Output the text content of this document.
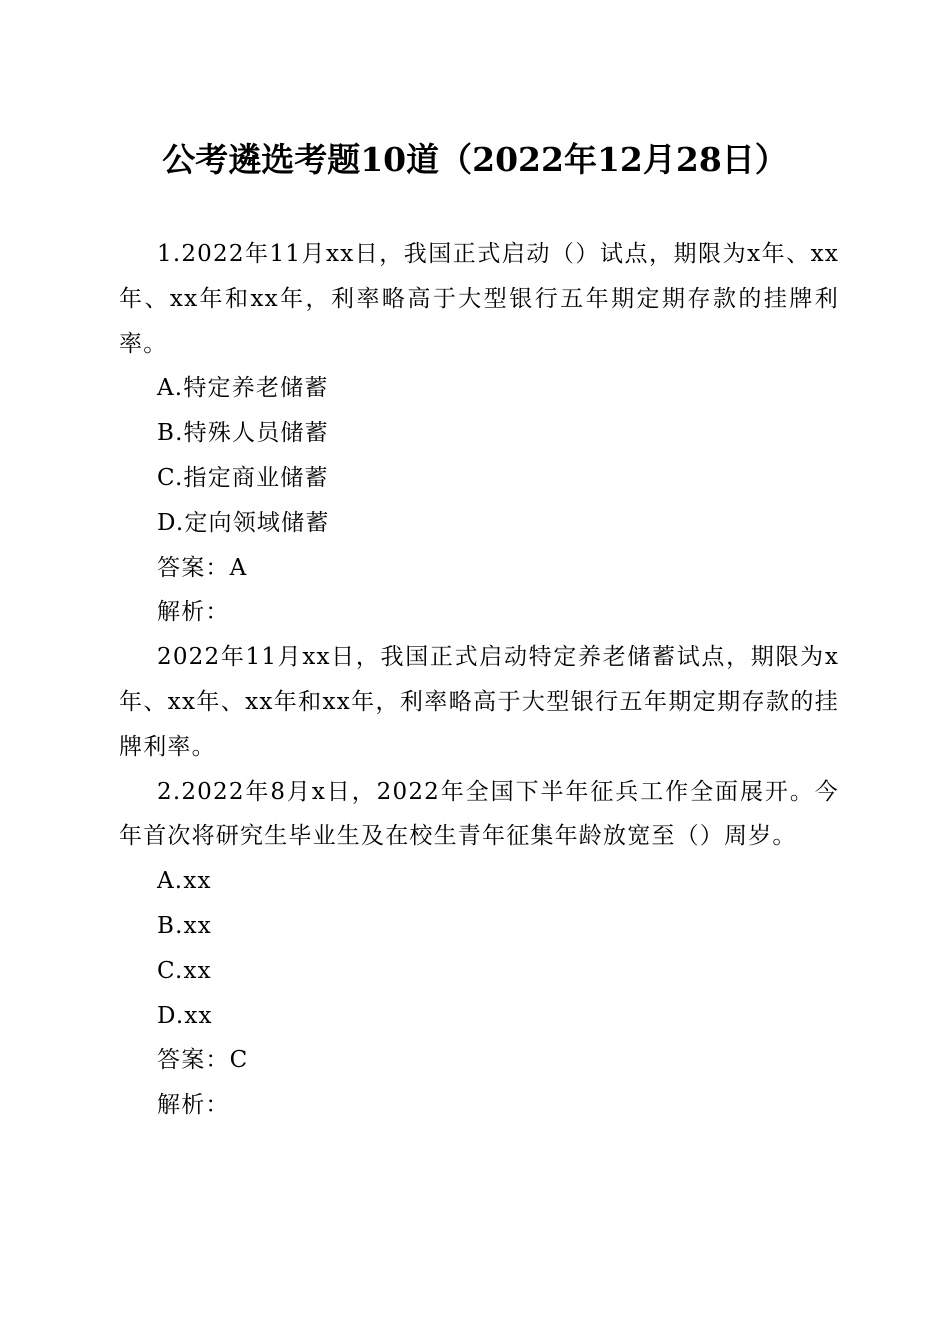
公考遴选考题10道（2022年12月28日）

1.2022年11月xx日，我国正式启动（）试点，期限为x年、xx年、xx年和xx年，利率略高于大型银行五年期定期存款的挂牌利率。

A.特定养老储蓄

B.特殊人员储蓄

C.指定商业储蓄

D.定向领域储蓄

答案：A

解析：

2022年11月xx日，我国正式启动特定养老储蓄试点，期限为x年、xx年、xx年和xx年，利率略高于大型银行五年期定期存款的挂牌利率。

2.2022年8月x日，2022年全国下半年征兵工作全面展开。今年首次将研究生毕业生及在校生青年征集年龄放宽至（）周岁。

A.xx

B.xx

C.xx

D.xx

答案：C

解析：
